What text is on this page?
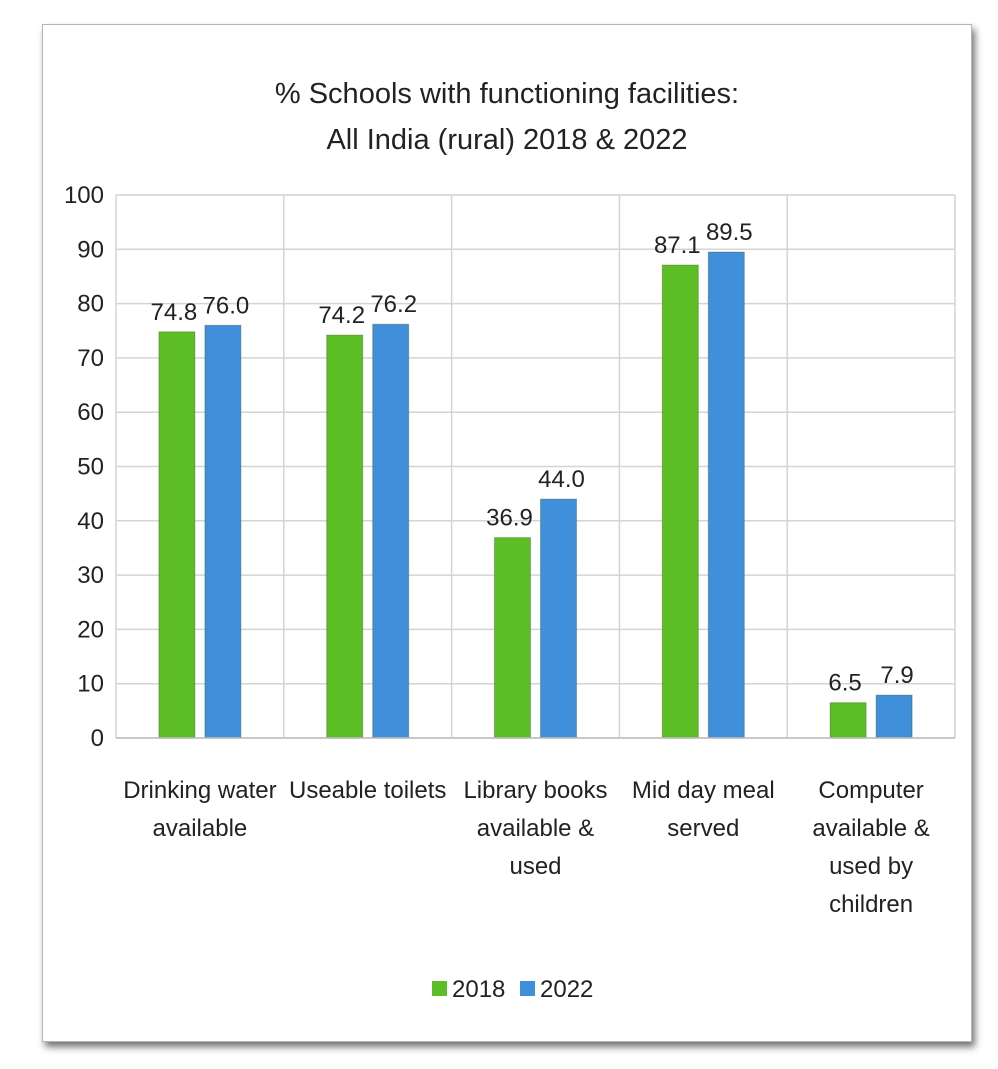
% Schools with functioning facilities:
All India (rural) 2018 & 2022
0
10
20
30
40
50
60
70
80
90
100
74.8 76.0
Drinking water
available
74.2 76.2
Useable toilets
36.9
44.0
Library books
available &
used
87.1 89.5
Mid day meal
served
6.5 7.9
Computer
available &
used by
children
2018 2022
